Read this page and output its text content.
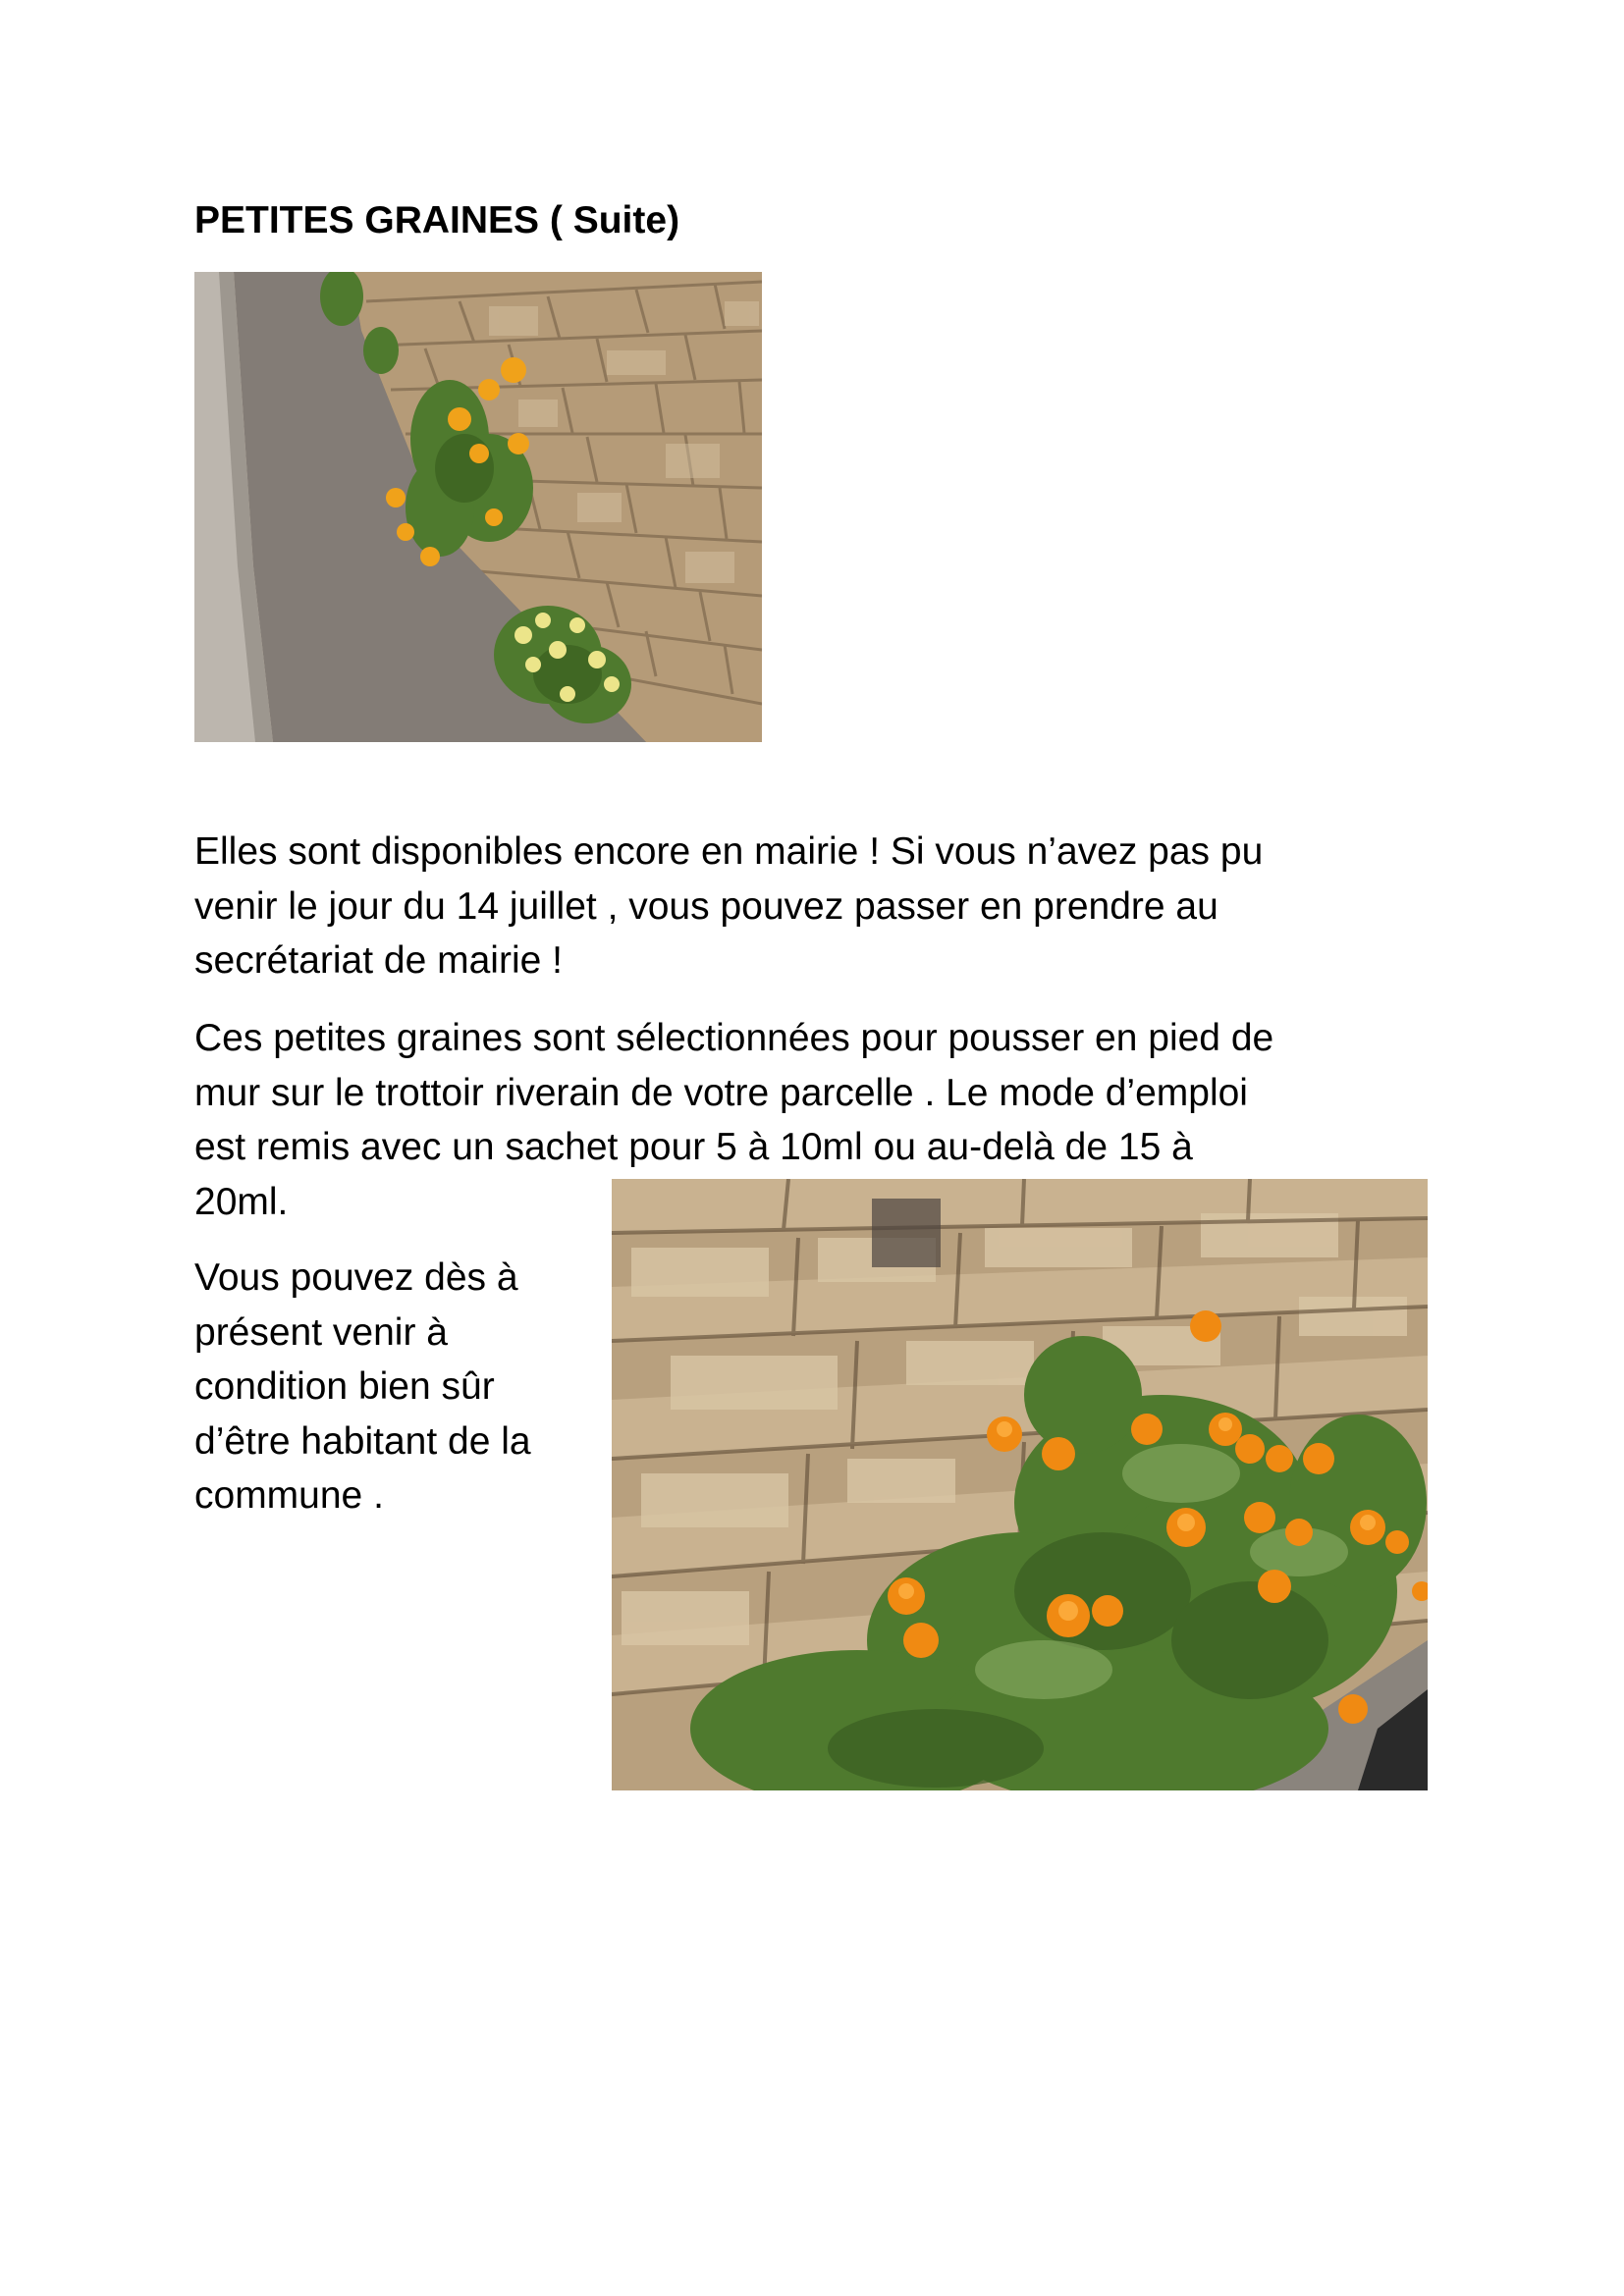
PETITES GRAINES ( Suite)

Elles sont disponibles encore en mairie ! Si vous n’avez pas pu
venir le jour du 14 juillet , vous pouvez passer en prendre au
secrétariat de mairie !

Ces petites graines sont sélectionnées pour pousser en pied de
mur sur le trottoir riverain de votre parcelle . Le mode d’emploi
est remis avec un sachet pour 5 à 10ml ou au-delà de 15 à
20ml.

Vous pouvez dès à
présent venir à
condition bien sûr
d’être habitant de la
commune .
